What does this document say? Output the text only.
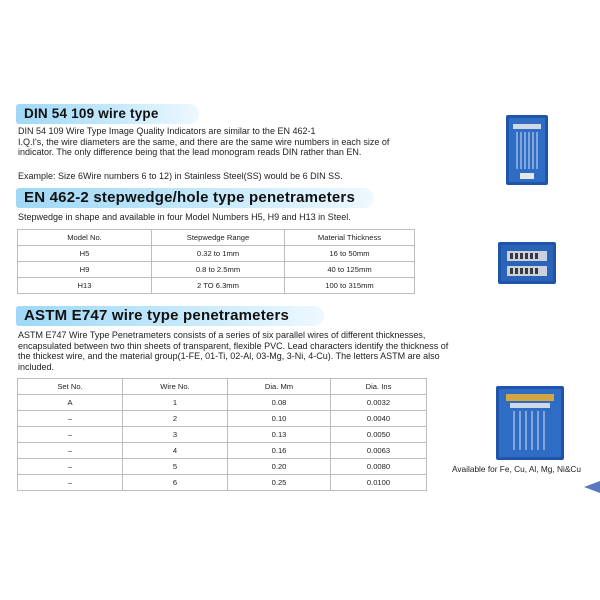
DIN 54 109 wire type
DIN 54 109 Wire Type Image Quality Indicators are similar to the EN 462-1
I.Q.I's, the wire diameters are the same, and there are the same wire numbers in each size of
indicator. The only difference being that the lead monogram reads DIN rather than EN.
Example: Size 6Wire numbers 6 to 12) in Stainless Steel(SS) would be 6 DIN SS.
EN 462-2 stepwedge/hole type penetrameters
Stepwedge in shape and available in four Model Numbers H5, H9 and H13 in Steel.
Model No.	Stepwedge Range	Material Thickness
H5	0.32 to 1mm	16 to 50mm
H9	0.8 to 2.5mm	40 to 125mm
H13	2 TO 6.3mm	100 to 315mm
ASTM E747 wire type penetrameters
ASTM E747 Wire Type Penetrameters consists of a series of six parallel wires of different thicknesses,
encapsulated between two thin sheets of transparent, flexible PVC. Lead characters identify the thickness of
the thickest wire, and the material group(1-FE, 01-Ti, 02-Al, 03-Mg, 3-Ni, 4-Cu). The letters ASTM are also
included.
Set No.	Wire No.	Dia. Mm	Dia. Ins
A	1	0.08	0.0032
–	2	0.10	0.0040
–	3	0.13	0.0050
–	4	0.16	0.0063
–	5	0.20	0.0080
–	6	0.25	0.0100
Available for Fe, Cu, Al, Mg, Ni&Cu
